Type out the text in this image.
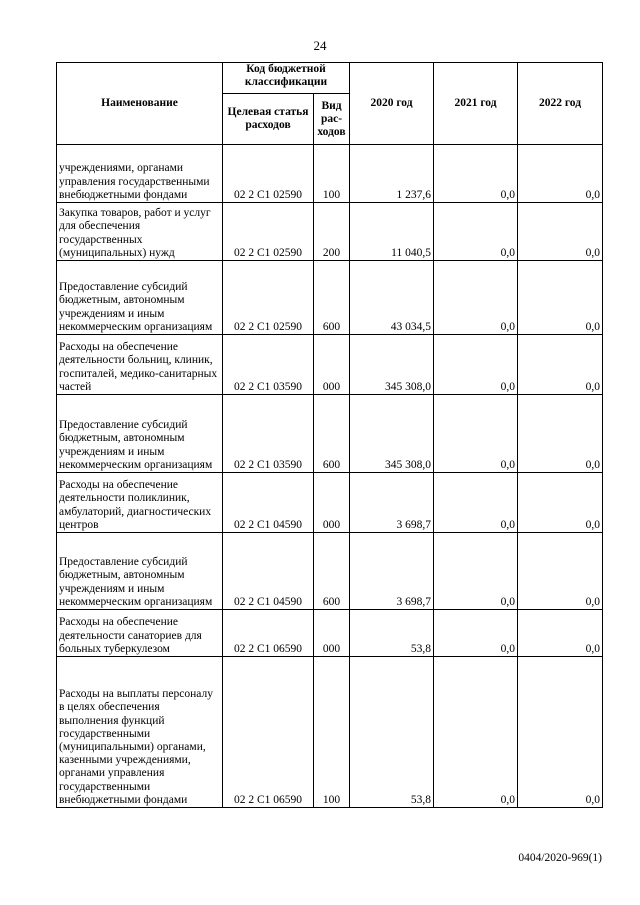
24
Наименование	Код бюджетной классификации		2020 год	2021 год	2022 год
	Целевая статья расходов	Вид рас-ходов			
учреждениями, органами управления государственными внебюджетными фондами	02 2 С1 02590	100	1 237,6	0,0	0,0
Закупка товаров, работ и услуг для обеспечения государственных (муниципальных) нужд	02 2 С1 02590	200	11 040,5	0,0	0,0
Предоставление субсидий бюджетным, автономным учреждениям и иным некоммерческим организациям	02 2 С1 02590	600	43 034,5	0,0	0,0
Расходы на обеспечение деятельности больниц, клиник, госпиталей, медико-санитарных частей	02 2 С1 03590	000	345 308,0	0,0	0,0
Предоставление субсидий бюджетным, автономным учреждениям и иным некоммерческим организациям	02 2 С1 03590	600	345 308,0	0,0	0,0
Расходы на обеспечение деятельности поликлиник, амбулаторий, диагностических центров	02 2 С1 04590	000	3 698,7	0,0	0,0
Предоставление субсидий бюджетным, автономным учреждениям и иным некоммерческим организациям	02 2 С1 04590	600	3 698,7	0,0	0,0
Расходы на обеспечение деятельности санаториев для больных туберкулезом	02 2 С1 06590	000	53,8	0,0	0,0
Расходы на выплаты персоналу в целях обеспечения выполнения функций государственными (муниципальными) органами, казенными учреждениями, органами управления государственными внебюджетными фондами	02 2 С1 06590	100	53,8	0,0	0,0
0404/2020-969(1)
